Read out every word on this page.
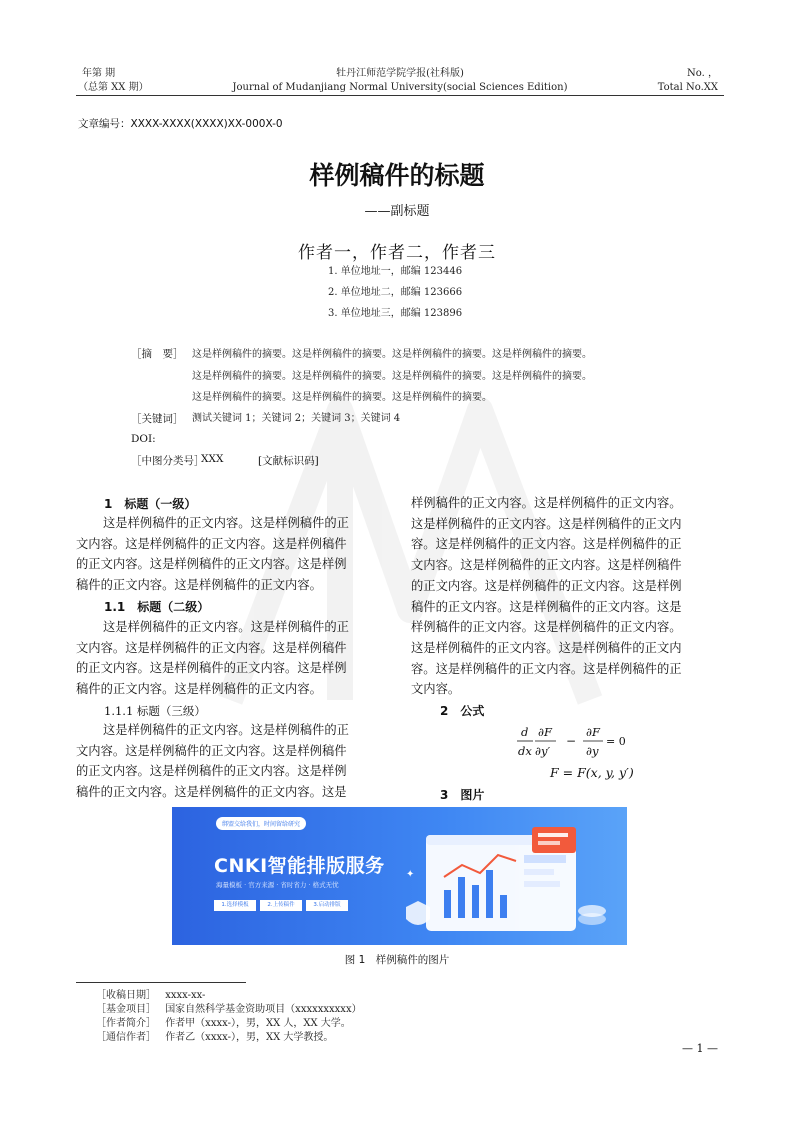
年第 期
（总第 XX 期）
牡丹江师范学院学报(社科版)
Journal of Mudanjiang Normal University(social Sciences Edition)
No. ，
Total No.XX
文章编号：XXXX-XXXX(XXXX)XX-000X-0
样例稿件的标题
——副标题
作者一，作者二，作者三
1. 单位地址一，邮编 123446
2. 单位地址二，邮编 123666
3. 单位地址三，邮编 123896
［摘　要］ 这是样例稿件的摘要。这是样例稿件的摘要。这是样例稿件的摘要。这是样例稿件的摘要。
这是样例稿件的摘要。这是样例稿件的摘要。这是样例稿件的摘要。这是样例稿件的摘要。
这是样例稿件的摘要。这是样例稿件的摘要。这是样例稿件的摘要。
［关键词］ 测试关键词 1；关键词 2；关键词 3；关键词 4
DOI:
［中图分类号］
XXX	[文献标识码]
1　标题（一级）
这是样例稿件的正文内容。这是样例稿件的正
文内容。这是样例稿件的正文内容。这是样例稿件
的正文内容。这是样例稿件的正文内容。这是样例
稿件的正文内容。这是样例稿件的正文内容。
1.1　标题（二级）
这是样例稿件的正文内容。这是样例稿件的正
文内容。这是样例稿件的正文内容。这是样例稿件
的正文内容。这是样例稿件的正文内容。这是样例
稿件的正文内容。这是样例稿件的正文内容。
1.1.1 标题（三级）
这是样例稿件的正文内容。这是样例稿件的正
文内容。这是样例稿件的正文内容。这是样例稿件
的正文内容。这是样例稿件的正文内容。这是样例
稿件的正文内容。这是样例稿件的正文内容。这是
样例稿件的正文内容。这是样例稿件的正文内容。
这是样例稿件的正文内容。这是样例稿件的正文内
容。这是样例稿件的正文内容。这是样例稿件的正
文内容。这是样例稿件的正文内容。这是样例稿件
的正文内容。这是样例稿件的正文内容。这是样例
稿件的正文内容。这是样例稿件的正文内容。这是
样例稿件的正文内容。这是样例稿件的正文内容。
这是样例稿件的正文内容。这是样例稿件的正文内
容。这是样例稿件的正文内容。这是样例稿件的正
文内容。
2　公式
d
dx
∂F
∂y′
∂F
∂y
−	= 0
F = F(x, y, y′)
3　图片
绑盟交给我们，时间留给研究
CNKI智能排版服务
海量模板 · 官方来源 · 省时省力 · 格式无忧
1.选择模板	2.上传稿件	3.启动排版
✦
图 1　样例稿件的图片
［收稿日期］ xxxx-xx-
［基金项目］ 国家自然科学基金资助项目（xxxxxxxxxx）
［作者简介］ 作者甲（xxxx-），男，XX 人，XX 大学。
［通信作者］ 作者乙（xxxx-），男，XX 大学教授。
— 1 —
